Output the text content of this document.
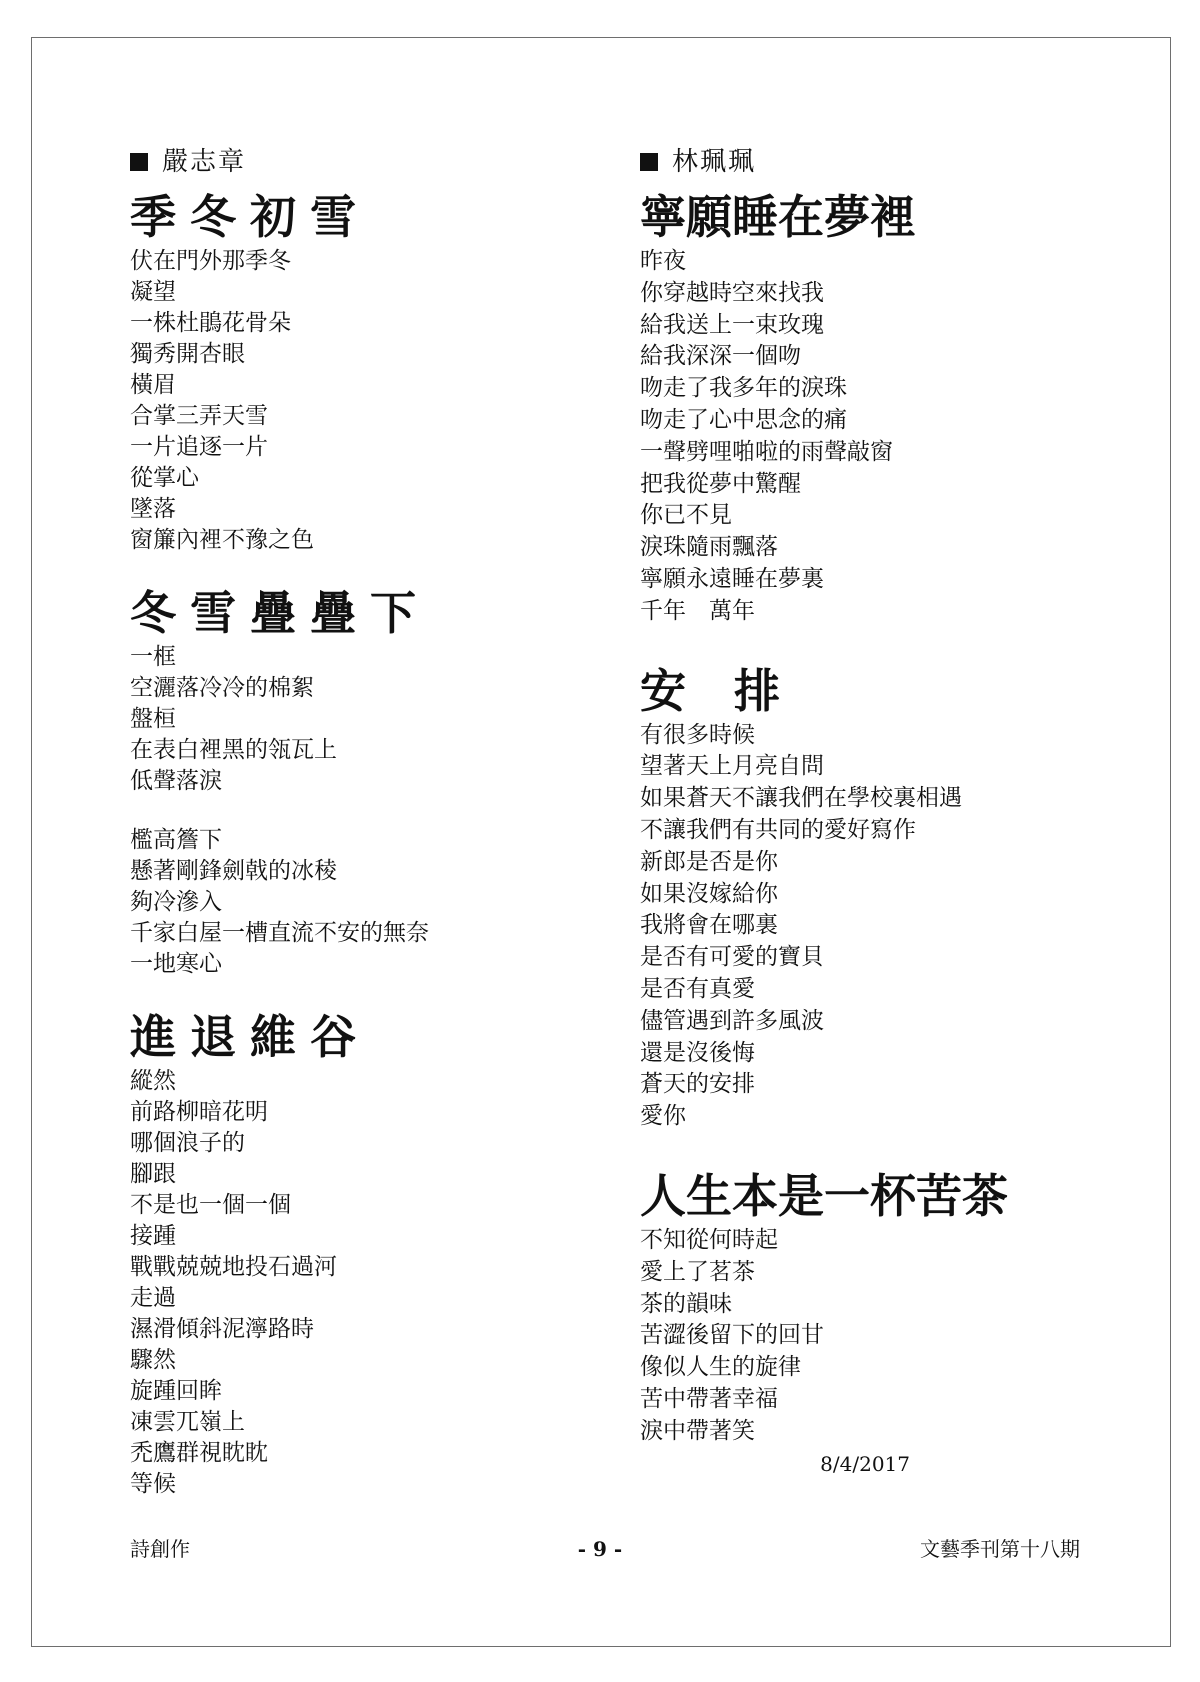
嚴志章
季冬初雪
伏在門外那季冬
凝望
一株杜鵑花骨朵
獨秀開杏眼
橫眉
合掌三弄天雪
一片追逐一片
從掌心
墜落
窗簾內裡不豫之色
冬雪疊疊下
一框
空灑落冷冷的棉絮
盤桓
在表白裡黑的瓴瓦上
低聲落淚
檻高簷下
懸著剛鋒劍戟的冰稜
夠冷滲入
千家白屋一槽直流不安的無奈
一地寒心
進退維谷
縱然
前路柳暗花明
哪個浪子的
腳跟
不是也一個一個
接踵
戰戰兢兢地投石過河
走過
濕滑傾斜泥濘路時
驟然
旋踵回眸
凍雲兀嶺上
禿鷹群視眈眈
等候
林珮珮
寧願睡在夢裡
昨夜
你穿越時空來找我
給我送上一束玫瑰
給我深深一個吻
吻走了我多年的淚珠
吻走了心中思念的痛
一聲劈哩啪啦的雨聲敲窗
把我從夢中驚醒
你已不見
淚珠隨雨飄落
寧願永遠睡在夢裏
千年　萬年
安排
有很多時候
望著天上月亮自問
如果蒼天不讓我們在學校裏相遇
不讓我們有共同的愛好寫作
新郎是否是你
如果沒嫁給你
我將會在哪裏
是否有可愛的寶貝
是否有真愛
儘管遇到許多風波
還是沒後悔
蒼天的安排
愛你
人生本是一杯苦茶
不知從何時起
愛上了茗茶
茶的韻味
苦澀後留下的回甘
像似人生的旋律
苦中帶著幸福
淚中帶著笑
8/4/2017
詩創作	- 9 -	文藝季刊第十八期
